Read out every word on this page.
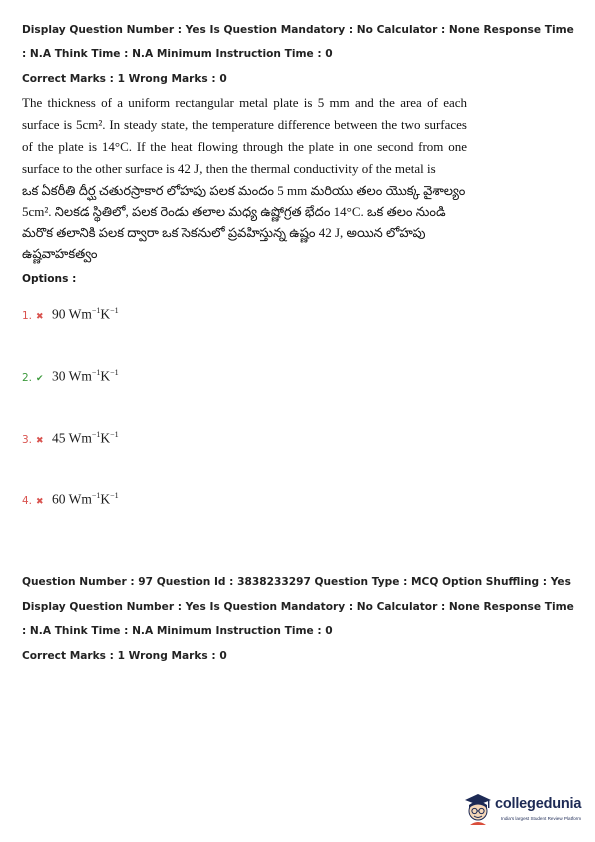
Display Question Number : Yes Is Question Mandatory : No Calculator : None Response Time
: N.A Think Time : N.A Minimum Instruction Time : 0
Correct Marks : 1 Wrong Marks : 0
The thickness of a uniform rectangular metal plate is 5 mm and the area of each surface is 5cm². In steady state, the temperature difference between the two surfaces of the plate is 14°C. If the heat flowing through the plate in one second from one surface to the other surface is 42 J, then the thermal conductivity of the metal is
ఒక ఏకరీతి దీర్ఘ చతురస్రాకార లోహపు పలక మందం 5 mm మరియు తలం యొక్క వైశాల్యం 5cm². నిలకడ స్థితిలో, పలక రెండు తలాల మధ్య ఉష్ణోగ్రత భేదం 14°C. ఒక తలం నుండి మరొక తలానికి పలక ద్వారా ఒక సెకనులో ప్రవహిస్తున్న ఉష్ణం 42 J, అయిన లోహపు ఉష్ణవాహకత్వం
Options :
1. ✖ 90 $Wm^{-1}K^{-1}$
2. ✔ 30 $Wm^{-1}K^{-1}$
3. ✖ 45 $Wm^{-1}K^{-1}$
4. ✖ 60 $Wm^{-1}K^{-1}$
Question Number : 97 Question Id : 3838233297 Question Type : MCQ Option Shuffling : Yes
Display Question Number : Yes Is Question Mandatory : No Calculator : None Response Time
: N.A Think Time : N.A Minimum Instruction Time : 0
Correct Marks : 1 Wrong Marks : 0
collegedunia
India's largest Student Review Platform
